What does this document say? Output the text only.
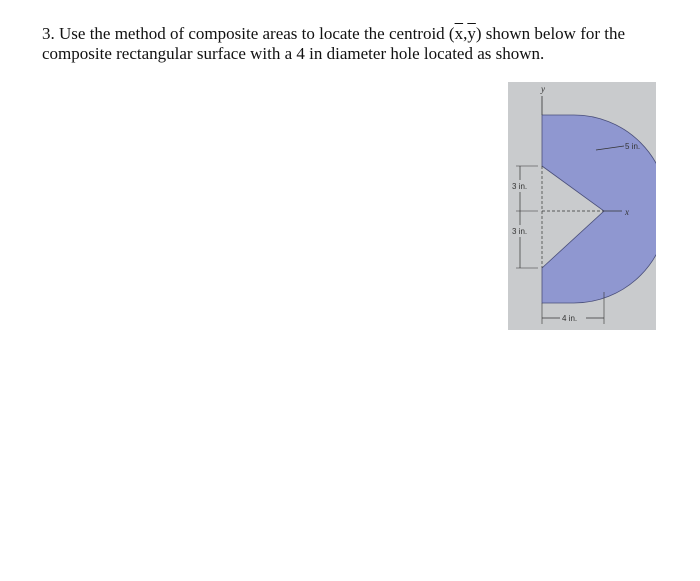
3. Use the method of composite areas to locate the centroid $(\overline{x},\overline{y})$ shown below for the
composite rectangular surface with a 4 in diameter hole located as shown.
y
x
5 in.
3 in.
3 in.
4 in.
